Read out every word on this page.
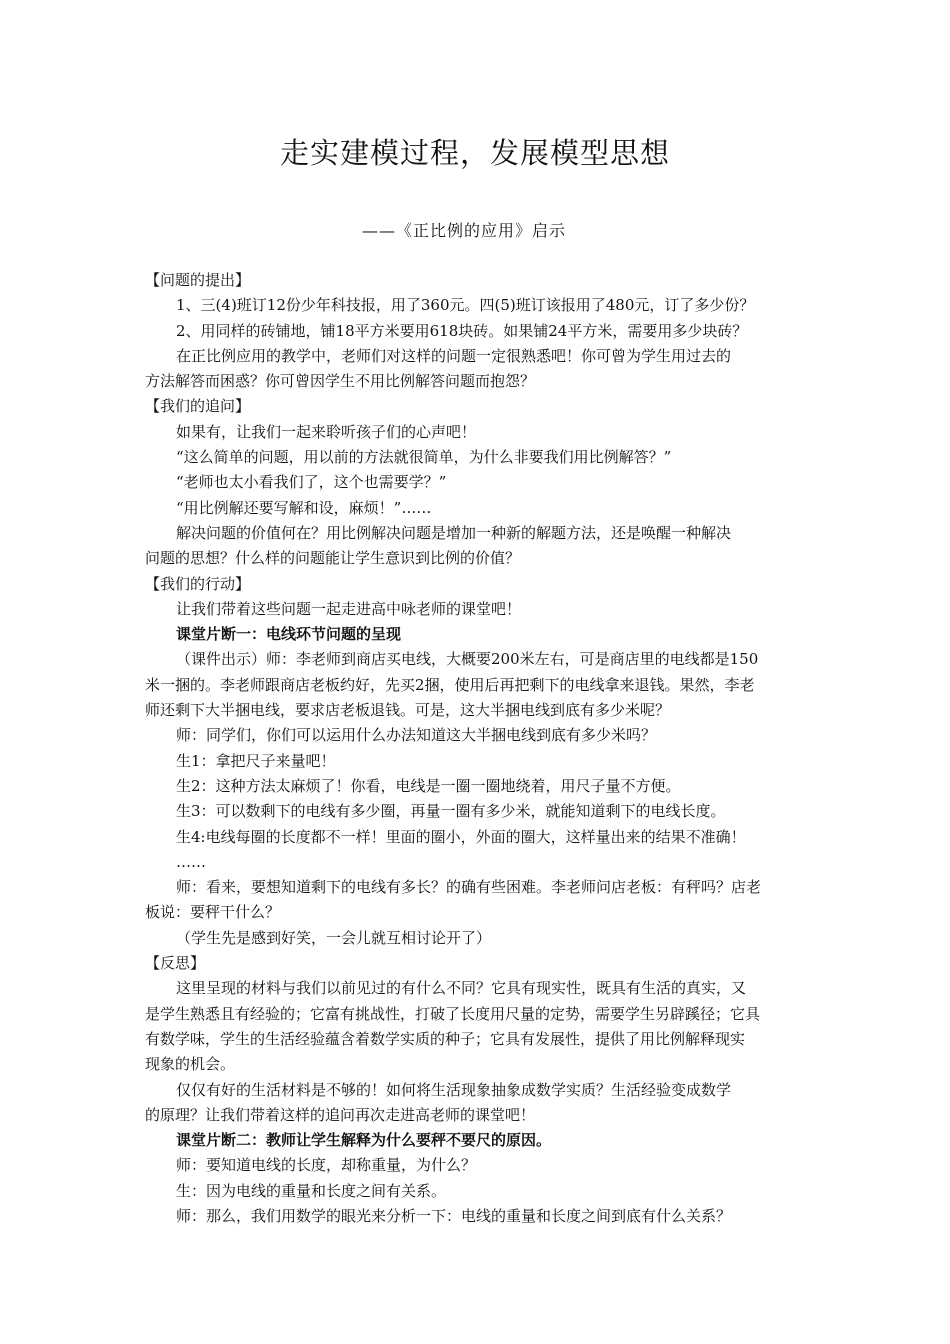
走实建模过程，发展模型思想

——《正比例的应用》启示

【问题的提出】

1、三(4)班订12份少年科技报，用了360元。四(5)班订该报用了480元，订了多少份？

2、用同样的砖铺地，铺18平方米要用618块砖。如果铺24平方米，需要用多少块砖？

在正比例应用的教学中，老师们对这样的问题一定很熟悉吧！你可曾为学生用过去的

方法解答而困惑？你可曾因学生不用比例解答问题而抱怨？

【我们的追问】

如果有，让我们一起来聆听孩子们的心声吧！

“这么简单的问题，用以前的方法就很简单，为什么非要我们用比例解答？”

“老师也太小看我们了，这个也需要学？”

“用比例解还要写解和设，麻烦！”……

解决问题的价值何在？用比例解决问题是增加一种新的解题方法，还是唤醒一种解决

问题的思想？什么样的问题能让学生意识到比例的价值？

【我们的行动】

让我们带着这些问题一起走进高中咏老师的课堂吧！

课堂片断一：电线环节问题的呈现

（课件出示）师：李老师到商店买电线，大概要200米左右，可是商店里的电线都是150

米一捆的。李老师跟商店老板约好，先买2捆，使用后再把剩下的电线拿来退钱。果然，李老

师还剩下大半捆电线，要求店老板退钱。可是，这大半捆电线到底有多少米呢？

师：同学们，你们可以运用什么办法知道这大半捆电线到底有多少米吗？

生1：拿把尺子来量吧！

生2：这种方法太麻烦了！你看，电线是一圈一圈地绕着，用尺子量不方便。

生3：可以数剩下的电线有多少圈，再量一圈有多少米，就能知道剩下的电线长度。

生4:电线每圈的长度都不一样！里面的圈小，外面的圈大，这样量出来的结果不准确！

……

师：看来，要想知道剩下的电线有多长？的确有些困难。李老师问店老板：有秤吗？店老

板说：要秤干什么？

（学生先是感到好笑，一会儿就互相讨论开了）

【反思】

这里呈现的材料与我们以前见过的有什么不同？它具有现实性，既具有生活的真实，又

是学生熟悉且有经验的；它富有挑战性，打破了长度用尺量的定势，需要学生另辟蹊径；它具

有数学味，学生的生活经验蕴含着数学实质的种子；它具有发展性，提供了用比例解释现实

现象的机会。

仅仅有好的生活材料是不够的！如何将生活现象抽象成数学实质？生活经验变成数学

的原理？让我们带着这样的追问再次走进高老师的课堂吧！

课堂片断二：教师让学生解释为什么要秤不要尺的原因。

师：要知道电线的长度，却称重量，为什么？

生：因为电线的重量和长度之间有关系。

师：那么，我们用数学的眼光来分析一下：电线的重量和长度之间到底有什么关系？
